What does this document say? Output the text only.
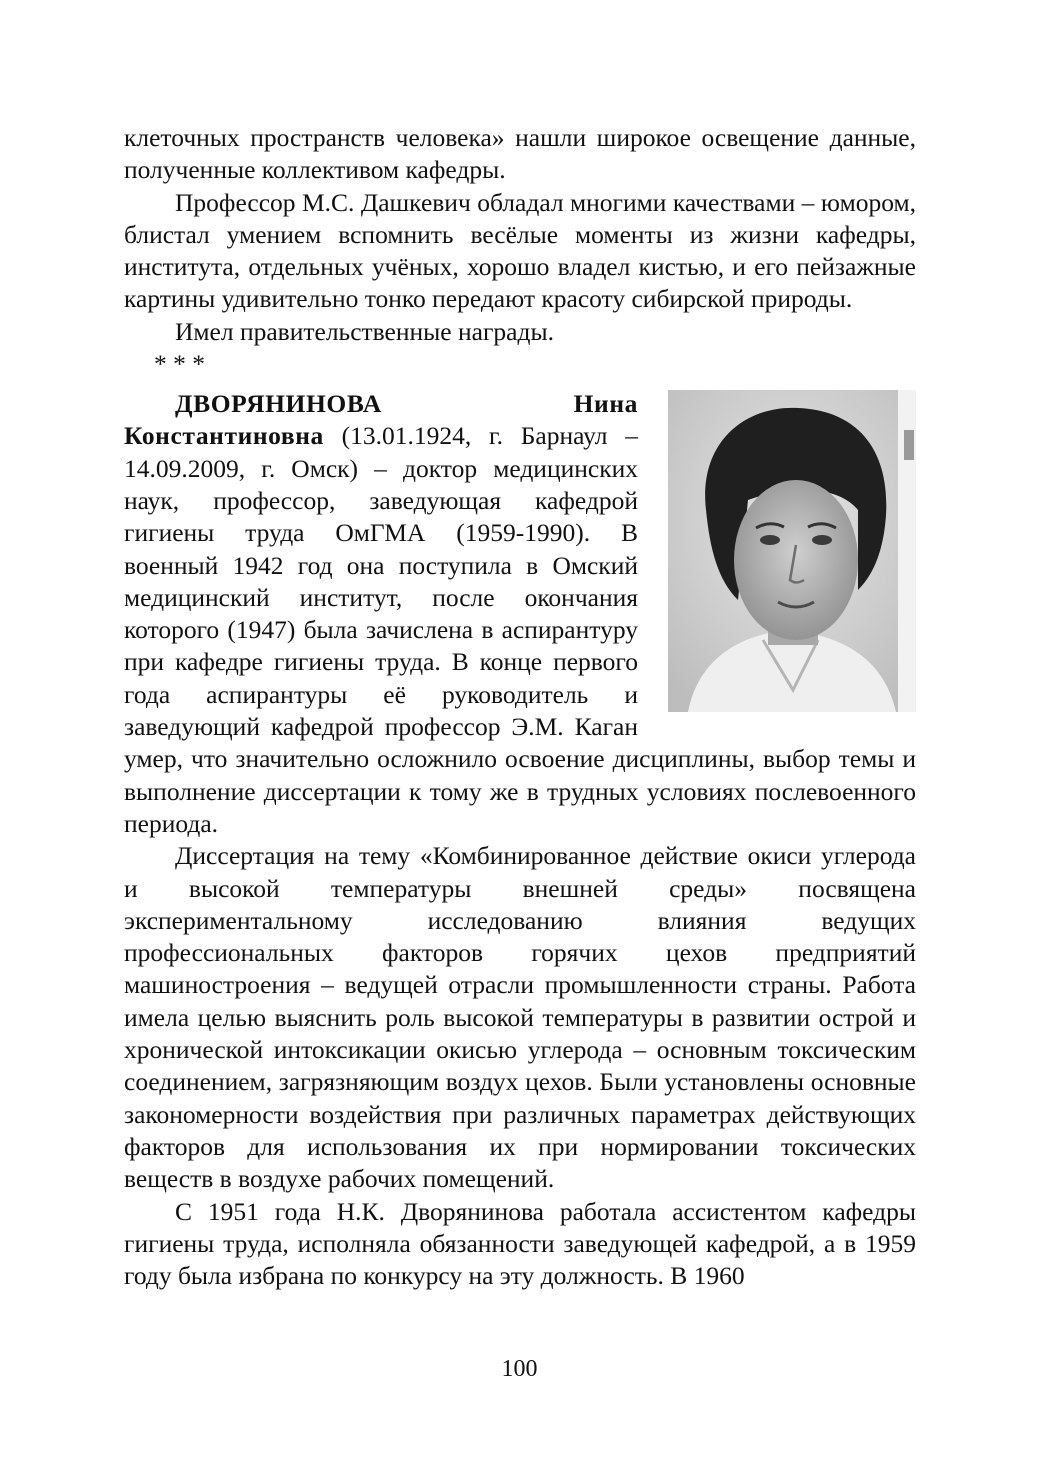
клеточных пространств человека» нашли широкое освещение данные, полученные коллективом кафедры.

Профессор М.С. Дашкевич обладал многими качествами – юмором, блистал умением вспомнить весёлые моменты из жизни кафедры, института, отдельных учёных, хорошо владел кистью, и его пейзажные картины удивительно тонко передают красоту сибирской природы.

Имел правительственные награды.

* * *

ДВОРЯНИНОВА Нина Константиновна (13.01.1924, г. Барнаул – 14.09.2009, г. Омск) – доктор медицинских наук, профессор, заведующая кафедрой гигиены труда ОмГМА (1959-1990). В военный 1942 год она поступила в Омский медицинский институт, после окончания которого (1947) была зачислена в аспирантуру при кафедре гигиены труда. В конце первого года аспирантуры её руководитель и заведующий кафедрой профессор Э.М. Каган умер, что значительно осложнило освоение дисциплины, выбор темы и выполнение диссертации к тому же в трудных условиях послевоенного периода.

Диссертация на тему «Комбинированное действие окиси углерода и высокой температуры внешней среды» посвящена экспериментальному исследованию влияния ведущих профессиональных факторов горячих цехов предприятий машиностроения – ведущей отрасли промышленности страны. Работа имела целью выяснить роль высокой температуры в развитии острой и хронической интоксикации окисью углерода – основным токсическим соединением, загрязняющим воздух цехов. Были установлены основные закономерности воздействия при различных параметрах действующих факторов для использования их при нормировании токсических веществ в воздухе рабочих помещений.

С 1951 года Н.К. Дворянинова работала ассистентом кафедры гигиены труда, исполняла обязанности заведующей кафедрой, а в 1959 году была избрана по конкурсу на эту должность. В 1960

100
